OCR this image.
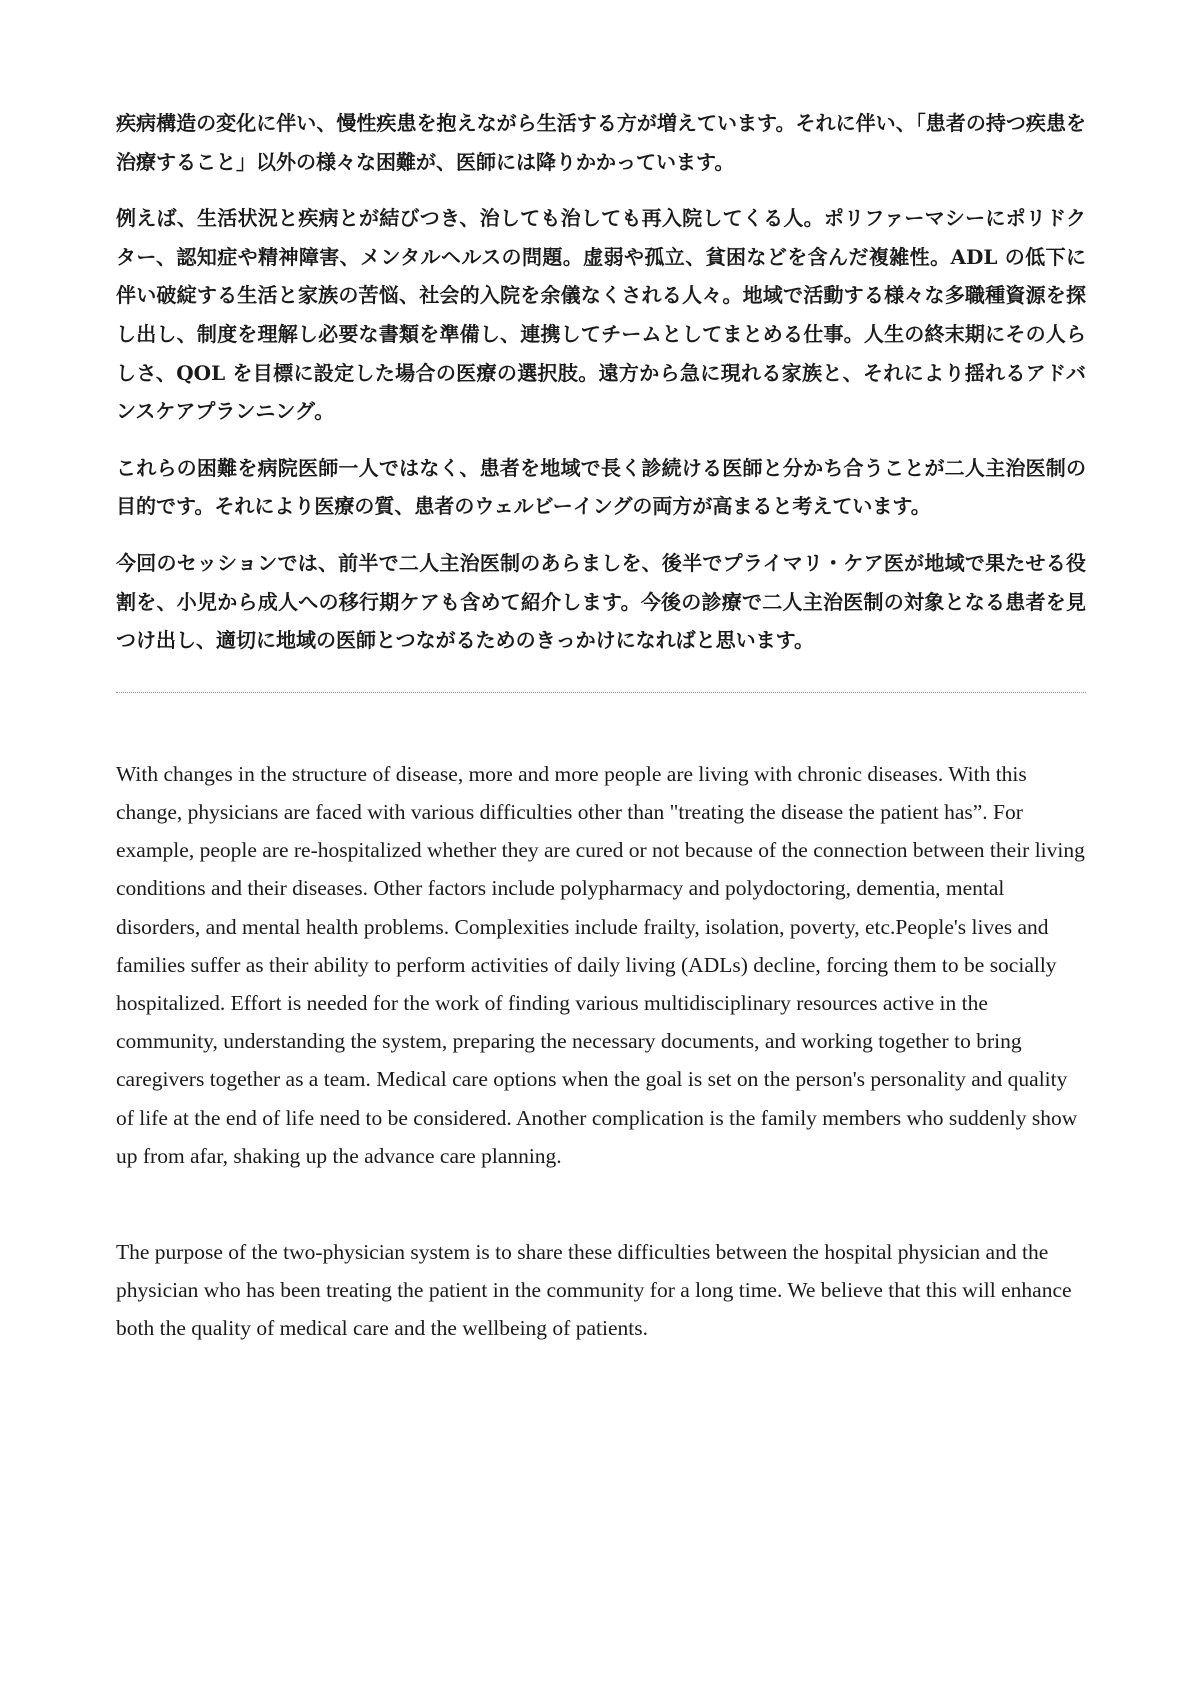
疾病構造の変化に伴い、慢性疾患を抱えながら生活する方が増えています。それに伴い、「患者の持つ疾患を治療すること」以外の様々な困難が、医師には降りかかっています。

例えば、生活状況と疾病とが結びつき、治しても治しても再入院してくる人。ポリファーマシーにポリドクター、認知症や精神障害、メンタルヘルスの問題。虚弱や孤立、貧困などを含んだ複雑性。ADL の低下に伴い破綻する生活と家族の苦悩、社会的入院を余儀なくされる人々。地域で活動する様々な多職種資源を探し出し、制度を理解し必要な書類を準備し、連携してチームとしてまとめる仕事。人生の終末期にその人らしさ、QOL を目標に設定した場合の医療の選択肢。遠方から急に現れる家族と、それにより揺れるアドバンスケアプランニング。

これらの困難を病院医師一人ではなく、患者を地域で長く診続ける医師と分かち合うことが二人主治医制の目的です。それにより医療の質、患者のウェルビーイングの両方が高まると考えています。

今回のセッションでは、前半で二人主治医制のあらましを、後半でプライマリ・ケア医が地域で果たせる役割を、小児から成人への移行期ケアも含めて紹介します。今後の診療で二人主治医制の対象となる患者を見つけ出し、適切に地域の医師とつながるためのきっかけになればと思います。

With changes in the structure of disease, more and more people are living with chronic diseases. With this change, physicians are faced with various difficulties other than "treating the disease the patient has”. For example, people are re-hospitalized whether they are cured or not because of the connection between their living conditions and their diseases. Other factors include polypharmacy and polydoctoring, dementia, mental disorders, and mental health problems. Complexities include frailty, isolation, poverty, etc.People's lives and families suffer as their ability to perform activities of daily living (ADLs) decline, forcing them to be socially hospitalized. Effort is needed for the work of finding various multidisciplinary resources active in the community, understanding the system, preparing the necessary documents, and working together to bring caregivers together as a team. Medical care options when the goal is set on the person's personality and quality of life at the end of life need to be considered. Another complication is the family members who suddenly show up from afar, shaking up the advance care planning.

The purpose of the two-physician system is to share these difficulties between the hospital physician and the physician who has been treating the patient in the community for a long time. We believe that this will enhance both the quality of medical care and the wellbeing of patients.
